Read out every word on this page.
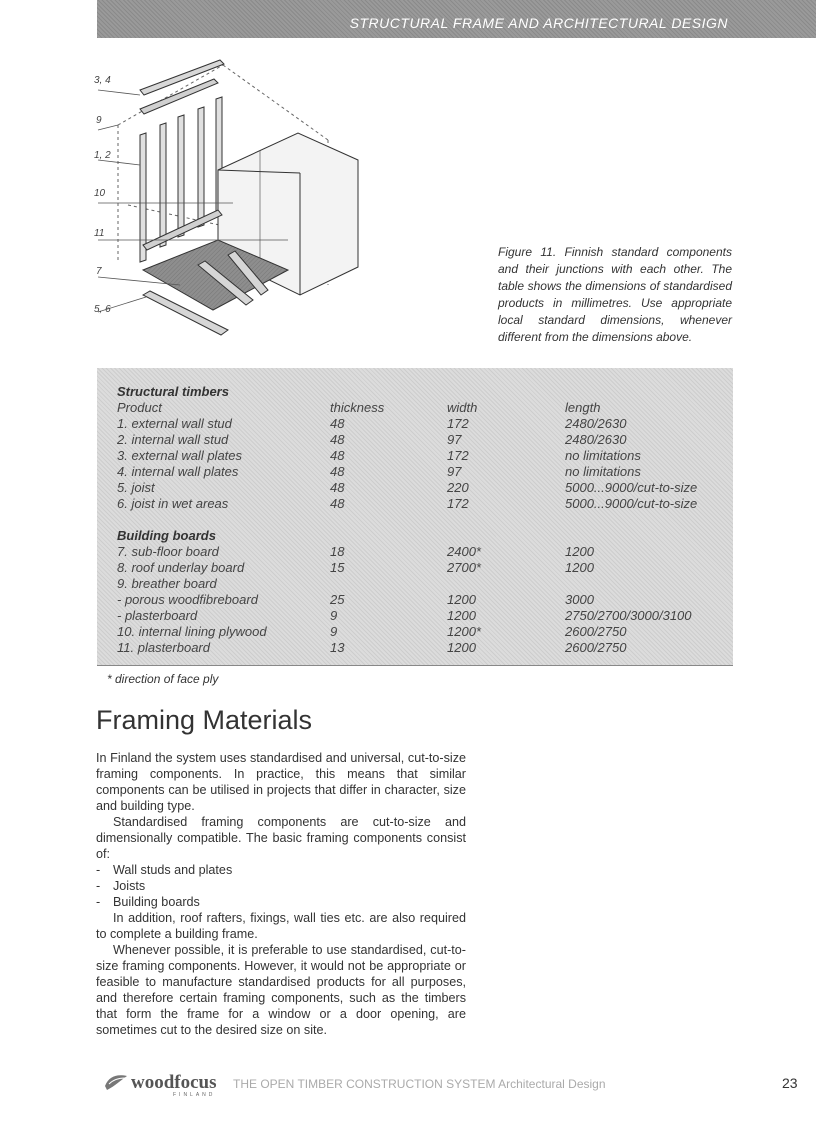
STRUCTURAL FRAME AND ARCHITECTURAL DESIGN
3, 4
9
1, 2
10
11
7
5, 6

Figure 11. Finnish standard components and their junctions with each other. The table shows the dimensions of standardised products in millimetres. Use appropriate local standard dimensions, whenever different from the dimensions above.

Structural timbers
Product	thickness	width	length
1. external wall stud	48	172	2480/2630
2. internal wall stud	48	97	2480/2630
3. external wall plates	48	172	no limitations
4. internal wall plates	48	97	no limitations
5. joist	48	220	5000...9000/cut-to-size
6. joist in wet areas	48	172	5000...9000/cut-to-size
Building boards
7. sub-floor board	18	2400*	1200
8. roof underlay board	15	2700*	1200
9. breather board
- porous woodfibreboard	25	1200	3000
- plasterboard	9	1200	2750/2700/3000/3100
10. internal lining plywood	9	1200*	2600/2750
11. plasterboard	13	1200	2600/2750
* direction of face ply
Framing Materials

In Finland the system uses standardised and universal, cut-to-size framing components. In practice, this means that similar components can be utilised in projects that differ in character, size and building type.

Standardised framing components are cut-to-size and dimensionally compatible. The basic framing components consist of:

-	Wall studs and plates
-	Joists
-	Building boards

In addition, roof rafters, fixings, wall ties etc. are also required to complete a building frame.

Whenever possible, it is preferable to use standardised, cut-to-size framing components. However, it would not be appropriate or feasible to manufacture standardised products for all purposes, and therefore certain framing components, such as the timbers that form the frame for a window or a door opening, are sometimes cut to the desired size on site.

woodfocus
FINLAND
THE OPEN TIMBER CONSTRUCTION SYSTEM Architectural Design	23
